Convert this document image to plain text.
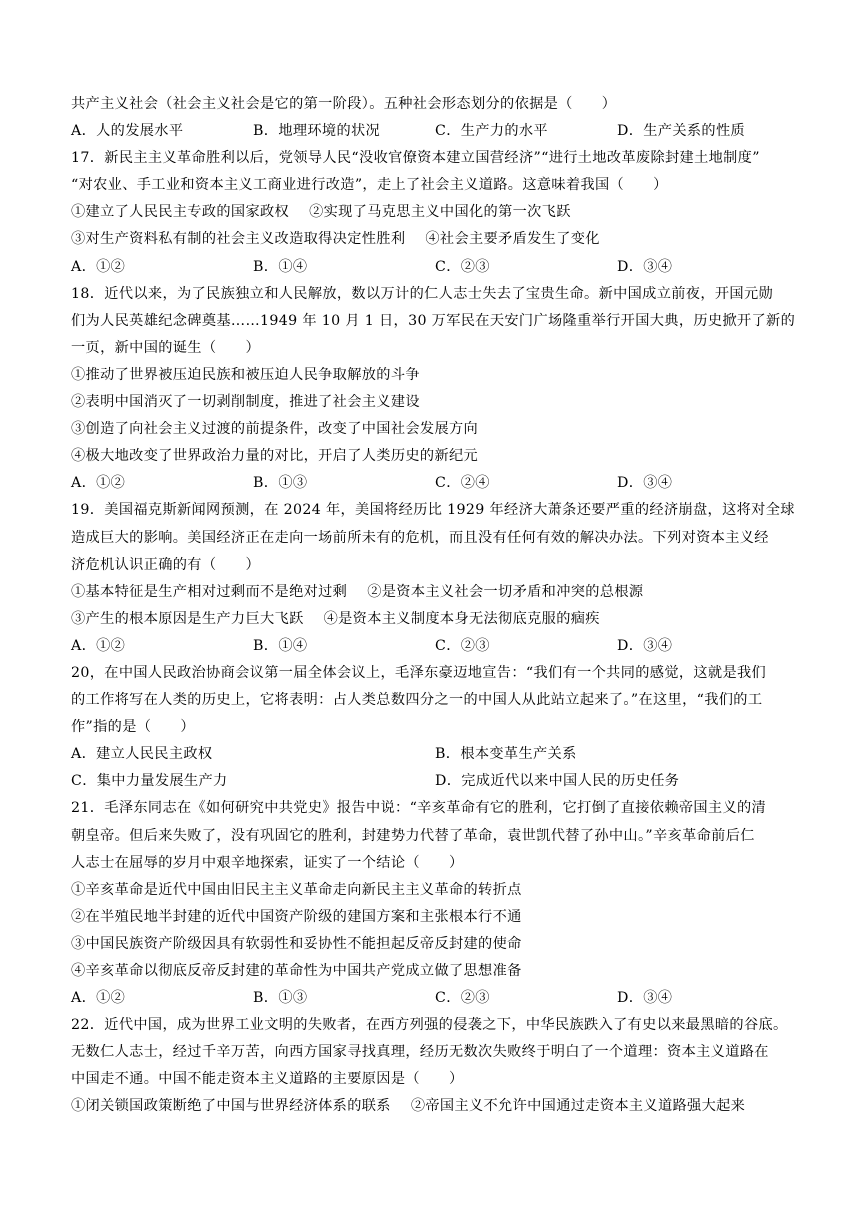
共产主义社会（社会主义社会是它的第一阶段）。五种社会形态划分的依据是（　　）
A．人的发展水平	B．地理环境的状况	C．生产力的水平	D．生产关系的性质
17．新民主主义革命胜利以后，党领导人民“没收官僚资本建立国营经济”“进行土地改革废除封建土地制度”
“对农业、手工业和资本主义工商业进行改造”，走上了社会主义道路。这意味着我国（　　）
①建立了人民民主专政的国家政权 ②实现了马克思主义中国化的第一次飞跃
③对生产资料私有制的社会主义改造取得决定性胜利 ④社会主要矛盾发生了变化
A．①②	B．①④	C．②③	D．③④
18．近代以来，为了民族独立和人民解放，数以万计的仁人志士失去了宝贵生命。新中国成立前夜，开国元勋
们为人民英雄纪念碑奠基……1949 年 10 月 1 日，30 万军民在天安门广场隆重举行开国大典，历史掀开了新的
一页，新中国的诞生（　　）
①推动了世界被压迫民族和被压迫人民争取解放的斗争
②表明中国消灭了一切剥削制度，推进了社会主义建设
③创造了向社会主义过渡的前提条件，改变了中国社会发展方向
④极大地改变了世界政治力量的对比，开启了人类历史的新纪元
A．①②	B．①③	C．②④	D．③④
19．美国福克斯新闻网预测，在 2024 年，美国将经历比 1929 年经济大萧条还要严重的经济崩盘，这将对全球
造成巨大的影响。美国经济正在走向一场前所未有的危机，而且没有任何有效的解决办法。下列对资本主义经
济危机认识正确的有（　　）
①基本特征是生产相对过剩而不是绝对过剩 ②是资本主义社会一切矛盾和冲突的总根源
③产生的根本原因是生产力巨大飞跃 ④是资本主义制度本身无法彻底克服的痼疾
A．①②	B．①④	C．②③	D．③④
20，在中国人民政治协商会议第一届全体会议上，毛泽东豪迈地宣告：“我们有一个共同的感觉，这就是我们
的工作将写在人类的历史上，它将表明：占人类总数四分之一的中国人从此站立起来了。”在这里，“我们的工
作”指的是（　　）
A．建立人民民主政权	B．根本变革生产关系
C．集中力量发展生产力	D．完成近代以来中国人民的历史任务
21．毛泽东同志在《如何研究中共党史》报告中说：“辛亥革命有它的胜利，它打倒了直接依赖帝国主义的清
朝皇帝。但后来失败了，没有巩固它的胜利，封建势力代替了革命，袁世凯代替了孙中山。”辛亥革命前后仁
人志士在屈辱的岁月中艰辛地探索，证实了一个结论（　　）
①辛亥革命是近代中国由旧民主主义革命走向新民主主义革命的转折点
②在半殖民地半封建的近代中国资产阶级的建国方案和主张根本行不通
③中国民族资产阶级因具有软弱性和妥协性不能担起反帝反封建的使命
④辛亥革命以彻底反帝反封建的革命性为中国共产党成立做了思想准备
A．①②	B．①③	C．②③	D．③④
22．近代中国，成为世界工业文明的失败者，在西方列强的侵袭之下，中华民族跌入了有史以来最黑暗的谷底。
无数仁人志士，经过千辛万苦，向西方国家寻找真理，经历无数次失败终于明白了一个道理：资本主义道路在
中国走不通。中国不能走资本主义道路的主要原因是（　　）
①闭关锁国政策断绝了中国与世界经济体系的联系 ②帝国主义不允许中国通过走资本主义道路强大起来
